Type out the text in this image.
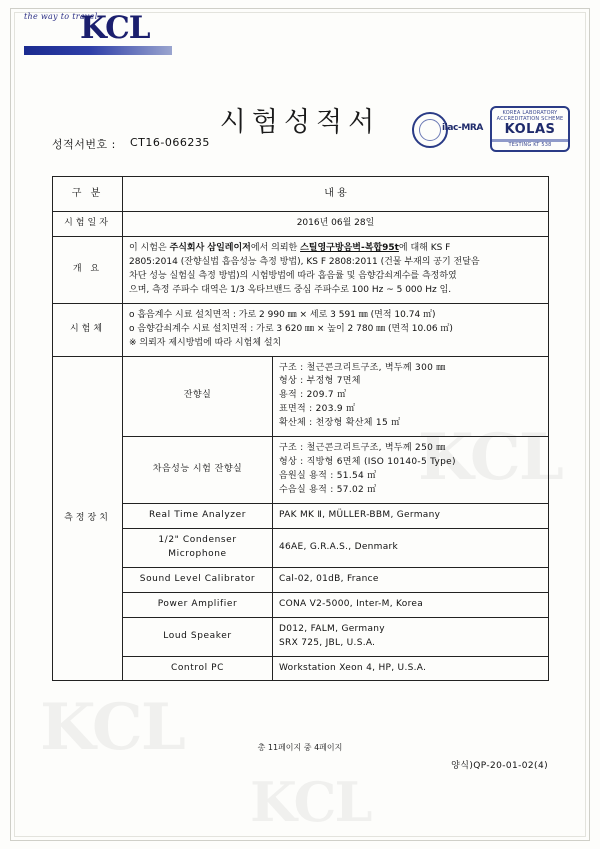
KCL
KCL
KCL
the way to travel
KCL
시험성적서	ilac-MRA
KOREA LABORATORY ACCREDITATION SCHEME
KOLAS
TESTING KT 538
성적서번호 : CT16-066235
구 분	내 용	
시험일자	2016년 06월 28일	
개 요	이 시험은 주식회사 삼일레이저에서 의뢰한 스틸영구방음벽-복합95t에 대해 KS F
2805:2014 (잔향실법 흡음성능 측정 방법), KS F 2808:2011 (건물 부재의 공기 전달음
차단 성능 실험실 측정 방법)의 시험방법에 따라 흡음률 및 음향감쇠계수를 측정하였
으며, 측정 주파수 대역은 1/3 옥타브밴드 중심 주파수로 100 Hz ~ 5 000 Hz 임.	

시험체	o 흡음계수 시료 설치면적 : 가로 2 990 ㎜ × 세로 3 591 ㎜ (면적 10.74 ㎡)
o 음향감쇠계수 시료 설치면적 : 가로 3 620 ㎜ × 높이 2 780 ㎜ (면적 10.06 ㎡)
※ 의뢰자 제시방법에 따라 시험체 설치	

측정장치	잔향실	구조 : 철근콘크리트구조, 벽두께 300 ㎜
형상 : 부정형 7면체
용적 : 209.7 ㎥
표면적 : 203.9 ㎡
확산체 : 천장형 확산체 15 ㎡

	차음성능 시험 잔향실	구조 : 철근콘크리트구조, 벽두께 250 ㎜
형상 : 직방형 6면체 (ISO 10140-5 Type)
음원실 용적 : 51.54 ㎥
수음실 용적 : 57.02 ㎥

	Real Time Analyzer	PAK MK Ⅱ, MÜLLER-BBM, Germany
	1/2" Condenser Microphone	46AE, G.R.A.S., Denmark
	Sound Level Calibrator	Cal-02, 01dB, France
	Power Amplifier	CONA V2-5000, Inter-M, Korea
	Loud Speaker	D012, FALM, Germany
SRX 725, JBL, U.S.A.

	Control PC	Workstation Xeon 4, HP, U.S.A.
총 11페이지 중 4페이지
양식)QP-20-01-02(4)
